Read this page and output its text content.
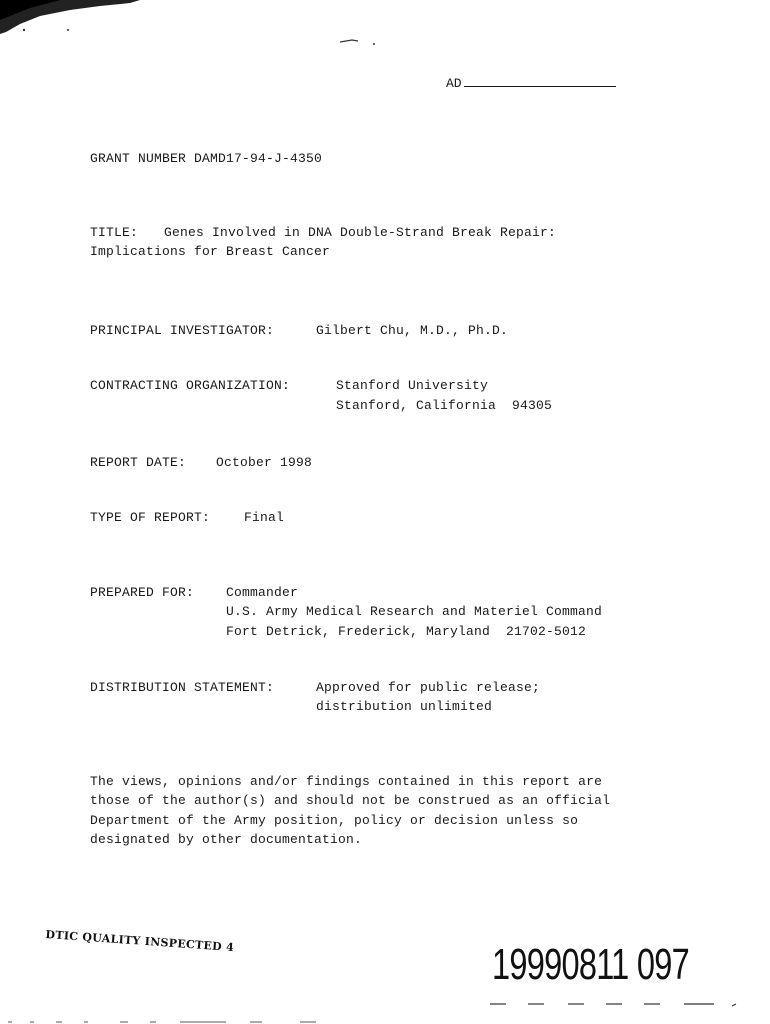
AD
GRANT NUMBER DAMD17-94-J-4350
TITLE: Genes Involved in DNA Double-Strand Break Repair:
Implications for Breast Cancer
PRINCIPAL INVESTIGATOR:	Gilbert Chu, M.D., Ph.D.
CONTRACTING ORGANIZATION:	Stanford University
Stanford, California  94305
REPORT DATE: October 1998
TYPE OF REPORT:	Final
PREPARED FOR: Commander
U.S. Army Medical Research and Materiel Command
Fort Detrick, Frederick, Maryland  21702-5012
DISTRIBUTION STATEMENT:	Approved for public release;
distribution unlimited
The views, opinions and/or findings contained in this report are
those of the author(s) and should not be construed as an official
Department of the Army position, policy or decision unless so
designated by other documentation.
DTIC QUALITY INSPECTED 4	19990811 097
